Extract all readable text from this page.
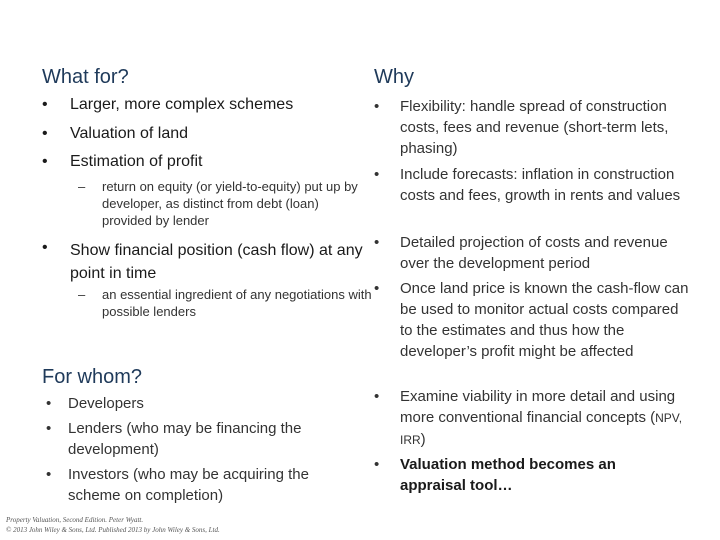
What for?
• Larger, more complex schemes
• Valuation of land
• Estimation of profit
– return on equity (or yield-to-equity) put up by developer, as distinct from debt (loan) provided by lender
• Show financial position (cash flow) at any point in time
– an essential ingredient of any negotiations with possible lenders
For whom?
• Developers
• Lenders (who may be financing the development)
• Investors (who may be acquiring the scheme on completion)
Why
• Flexibility: handle spread of construction costs, fees and revenue (short-term lets, phasing)
• Include forecasts: inflation in construction costs and fees, growth in rents and values
• Detailed projection of costs and revenue over the development period
• Once land price is known the cash-flow can be used to monitor actual costs compared to the estimates and thus how the developer’s profit might be affected
• Examine viability in more detail and using more conventional financial concepts (NPV, IRR)
• Valuation method becomes an appraisal tool…
Property Valuation, Second Edition. Peter Wyatt.
© 2013 John Wiley & Sons, Ltd. Published 2013 by John Wiley & Sons, Ltd.
